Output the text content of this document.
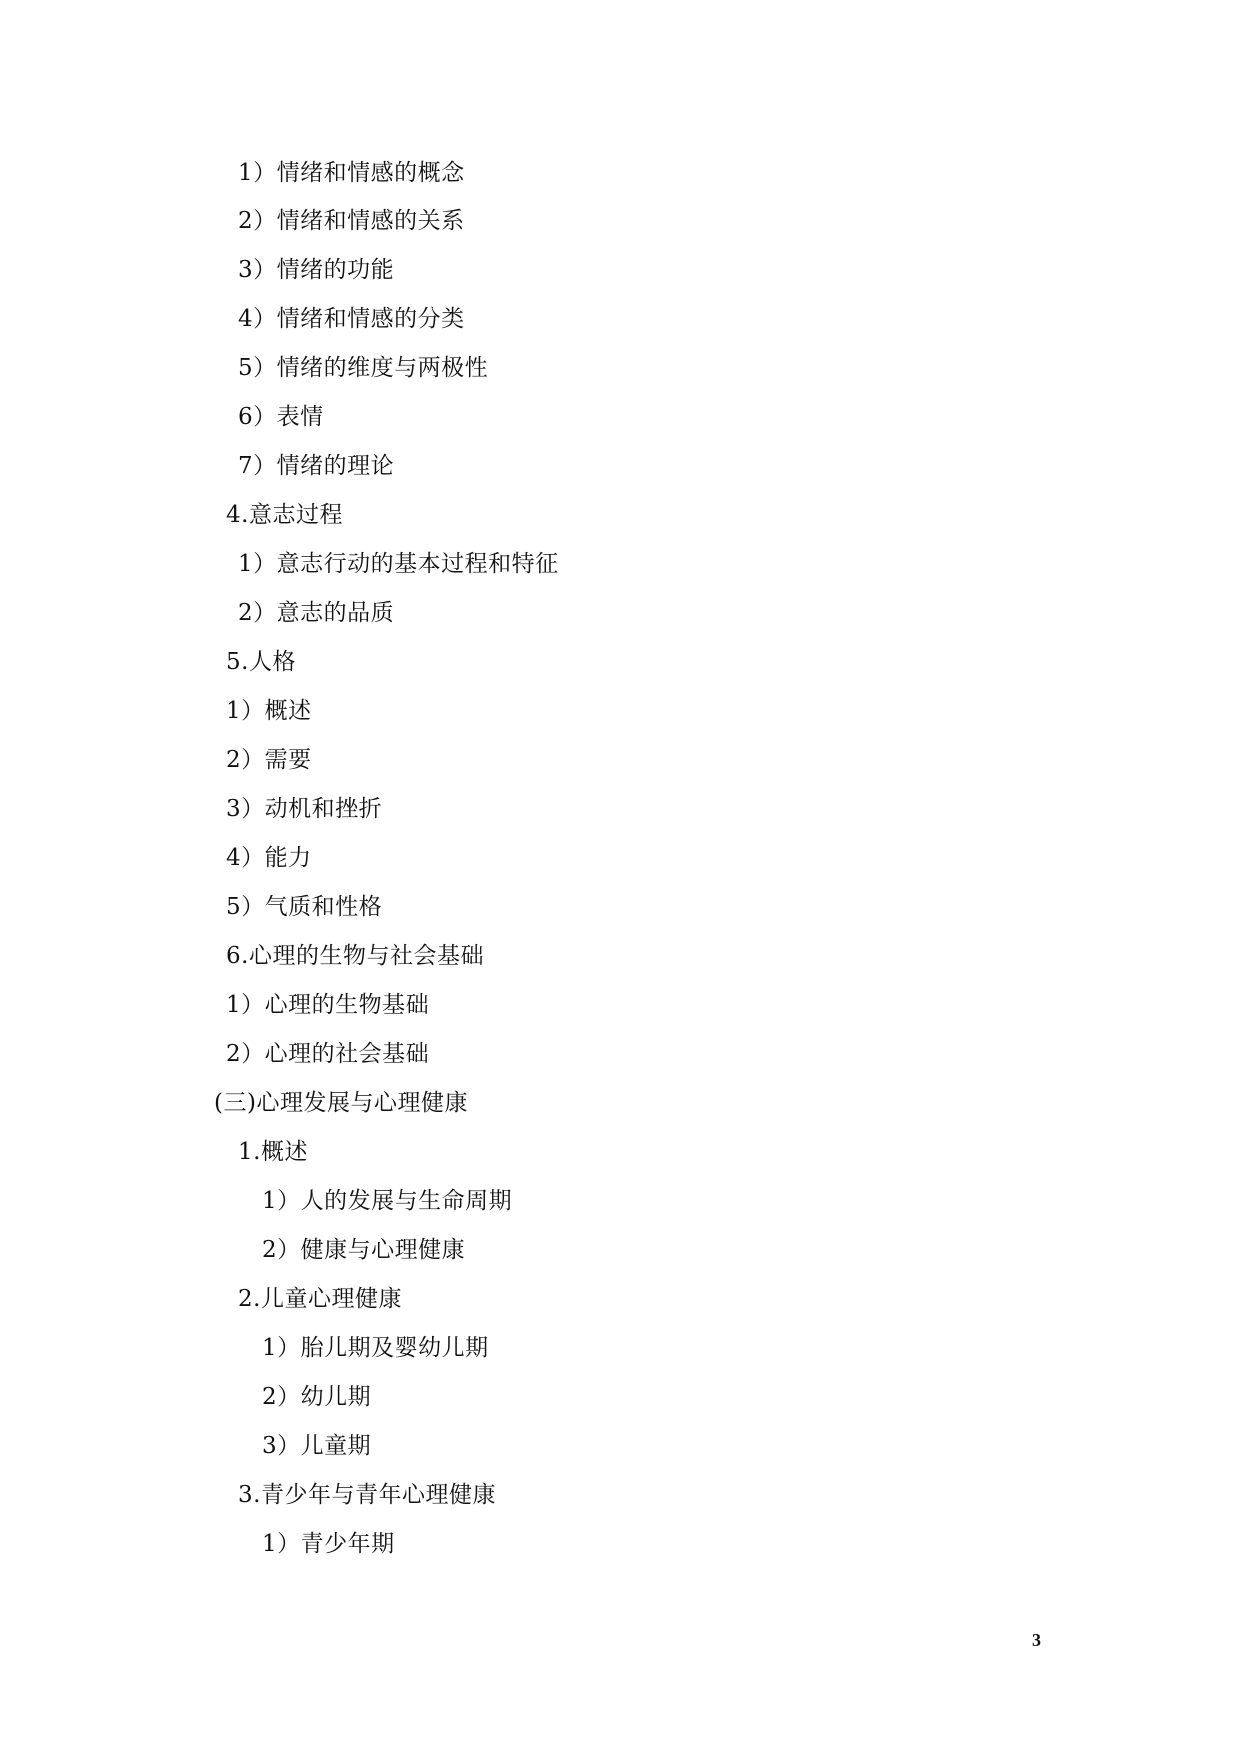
1）情绪和情感的概念
2）情绪和情感的关系
3）情绪的功能
4）情绪和情感的分类
5）情绪的维度与两极性
6）表情
7）情绪的理论
4.意志过程
1）意志行动的基本过程和特征
2）意志的品质
5.人格
1）概述
2）需要
3）动机和挫折
4）能力
5）气质和性格
6.心理的生物与社会基础
1）心理的生物基础
2）心理的社会基础
(三)心理发展与心理健康
1.概述
1）人的发展与生命周期
2）健康与心理健康
2.儿童心理健康
1）胎儿期及婴幼儿期
2）幼儿期
3）儿童期
3.青少年与青年心理健康
1）青少年期
3
